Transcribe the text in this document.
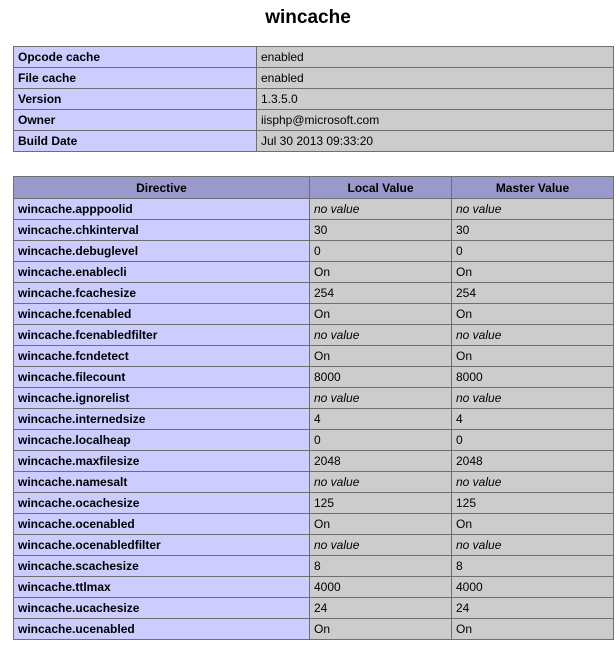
wincache
Opcode cache	enabled
File cache	enabled
Version	1.3.5.0
Owner	iisphp@microsoft.com
Build Date	Jul 30 2013 09:33:20
Directive	Local Value	Master Value
wincache.apppoolid	no value	no value
wincache.chkinterval	30	30
wincache.debuglevel	0	0
wincache.enablecli	On	On
wincache.fcachesize	254	254
wincache.fcenabled	On	On
wincache.fcenabledfilter	no value	no value
wincache.fcndetect	On	On
wincache.filecount	8000	8000
wincache.ignorelist	no value	no value
wincache.internedsize	4	4
wincache.localheap	0	0
wincache.maxfilesize	2048	2048
wincache.namesalt	no value	no value
wincache.ocachesize	125	125
wincache.ocenabled	On	On
wincache.ocenabledfilter	no value	no value
wincache.scachesize	8	8
wincache.ttlmax	4000	4000
wincache.ucachesize	24	24
wincache.ucenabled	On	On
